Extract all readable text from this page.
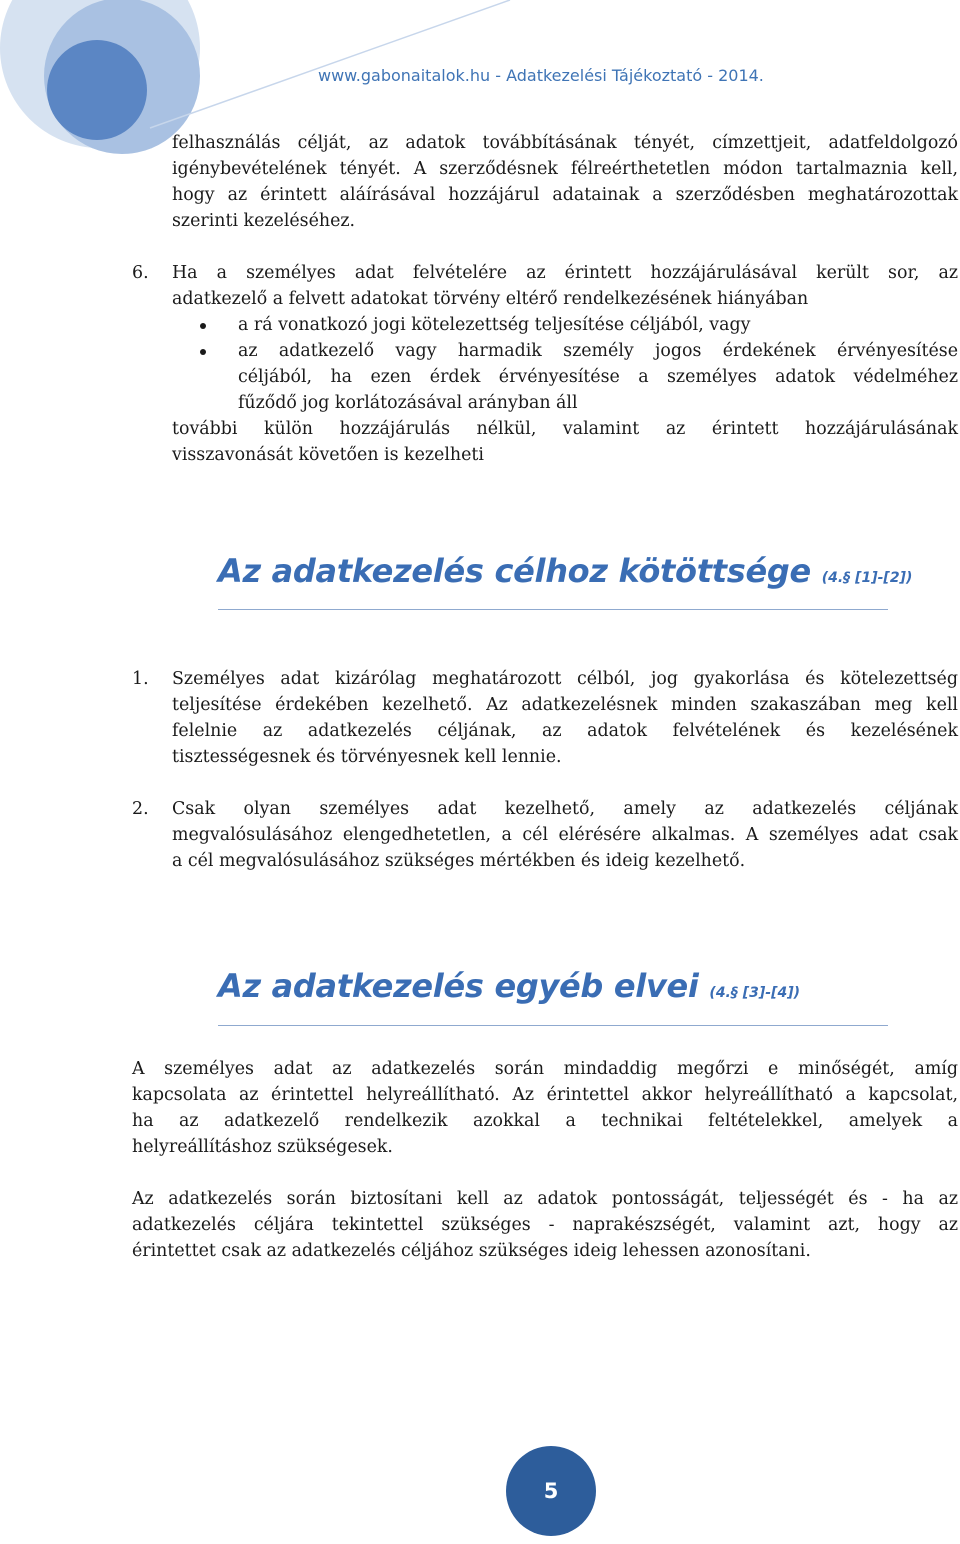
www.gabonaitalok.hu - Adatkezelési Tájékoztató - 2014.
felhasználás célját, az adatok továbbításának tényét, címzettjeit, adatfeldolgozó
igénybevételének tényét. A szerződésnek félreérthetetlen módon tartalmaznia kell,
hogy az érintett aláírásával hozzájárul adatainak a szerződésben meghatározottak
szerinti kezeléséhez.
6. Ha a személyes adat felvételére az érintett hozzájárulásával került sor, az
adatkezelő a felvett adatokat törvény eltérő rendelkezésének hiányában
a rá vonatkozó jogi kötelezettség teljesítése céljából, vagy
az adatkezelő vagy harmadik személy jogos érdekének érvényesítése
céljából, ha ezen érdek érvényesítése a személyes adatok védelméhez
fűződő jog korlátozásával arányban áll
további külön hozzájárulás nélkül, valamint az érintett hozzájárulásának
visszavonását követően is kezelheti
Az adatkezelés célhoz kötöttsége (4.§ [1]-[2])
1. Személyes adat kizárólag meghatározott célból, jog gyakorlása és kötelezettség
teljesítése érdekében kezelhető. Az adatkezelésnek minden szakaszában meg kell
felelnie az adatkezelés céljának, az adatok felvételének és kezelésének
tisztességesnek és törvényesnek kell lennie.
2. Csak olyan személyes adat kezelhető, amely az adatkezelés céljának
megvalósulásához elengedhetetlen, a cél elérésére alkalmas. A személyes adat csak
a cél megvalósulásához szükséges mértékben és ideig kezelhető.
Az adatkezelés egyéb elvei (4.§ [3]-[4])
A személyes adat az adatkezelés során mindaddig megőrzi e minőségét, amíg
kapcsolata az érintettel helyreállítható. Az érintettel akkor helyreállítható a kapcsolat,
ha az adatkezelő rendelkezik azokkal a technikai feltételekkel, amelyek a
helyreállításhoz szükségesek.
Az adatkezelés során biztosítani kell az adatok pontosságát, teljességét és - ha az
adatkezelés céljára tekintettel szükséges - naprakészségét, valamint azt, hogy az
érintettet csak az adatkezelés céljához szükséges ideig lehessen azonosítani.
5
